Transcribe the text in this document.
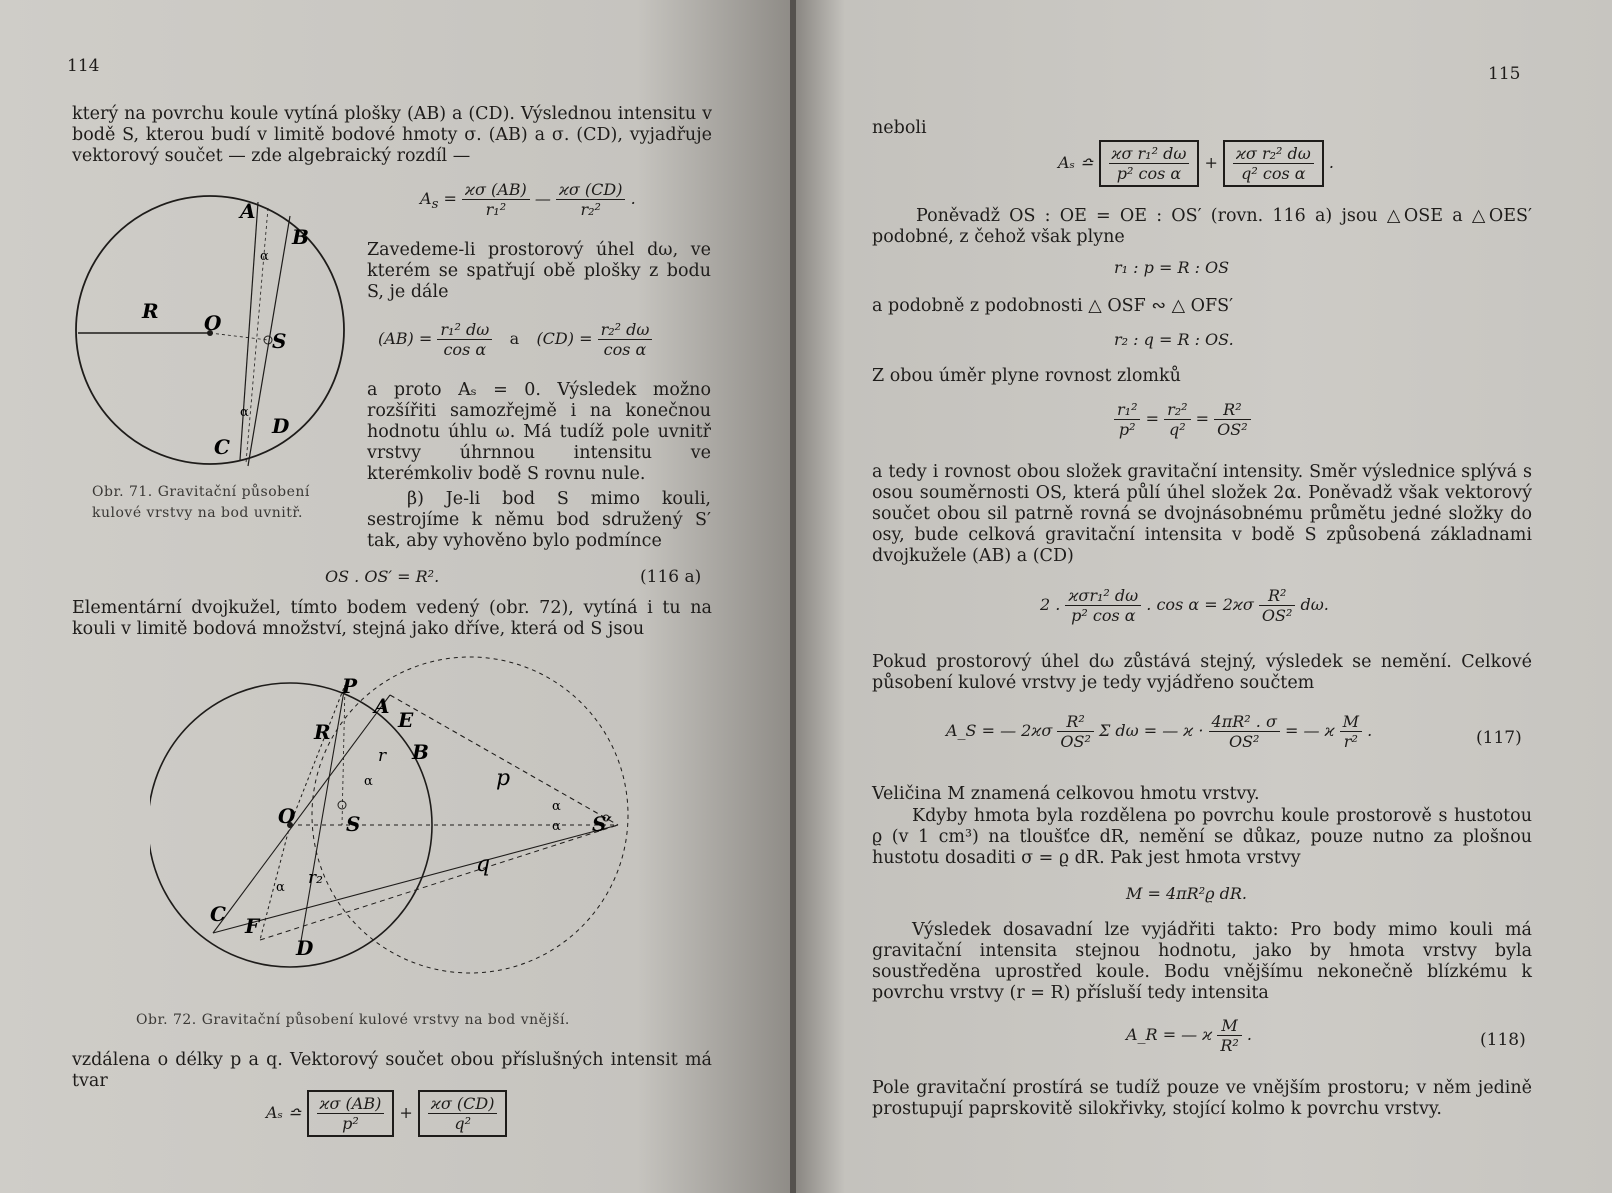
114

který na povrchu koule vytíná plošky (AB) a (CD). Výslednou intensitu v bodě S, kterou budí v limitě bodové hmoty σ. (AB) a σ. (CD), vyjadřuje vektorový součet — zde algebraický rozdíl —

$A_s = \frac{ϰ\sigma (AB)}{\text{r₁²}}$ — $\frac{ϰ\sigma (CD)}{\text{r₂²}}$ .
A
B
R O
S
C
D
α
α
Obr. 71. Gravitační působení
kulové vrstvy na bod uvnitř.

Zavedeme-li prostorový úhel dω, ve kterém se spatřují obě plošky z bodu S, je dále

$(AB) = \frac{\text{r₁² dω}}{\text{cos α}}$ a $(CD) = \frac{\text{r₂² dω}}{\text{cos α}}$

a proto Aₛ = 0. Výsledek možno rozšířiti samozřejmě i na konečnou hodnotu úhlu ω. Má tudíž pole uvnitř vrstvy úhrnnou intensitu ve kterémkoliv bodě S rovnu nule.

β) Je-li bod S mimo kouli, sestrojíme k němu bod sdružený S′ tak, aby vyhověno bylo podmínce

OS . OS′ = R².	(116 a)

Elementární dvojkužel, tímto bodem vedený (obr. 72), vytíná i tu na kouli v limitě bodová množství, stejná jako dříve, která od S jsou

P
A
E
R
B
r
r₂
O	S	S′
p
q
C F
D
α
α
α
α
Obr. 72. Gravitační působení kulové vrstvy na bod vnější.

vzdálena o délky p a q. Vektorový součet obou příslušných intensit má tvar

Aₛ ≏ $\frac{ϰ\sigma (AB)}{\text{p²}} + \frac{ϰ\sigma (CD)}{\text{q²}}$
115

neboli

Aₛ ≏ $\frac{\text{ϰσ r₁² dω}}{\text{p² cos α}} + \frac{\text{ϰσ r₂² dω}}{\text{q² cos α}}$ .

Poněvadž OS : OE = OE : OS′ (rovn. 116 a) jsou △OSE a △OES′ podobné, z čehož však plyne

r₁ : p = R : OS

a podobně z podobnosti △ OSF ∾ △ OFS′

r₂ : q = R : OS.

Z obou úměr plyne rovnost zlomků

$\frac{\text{r₁²}}{\text{p²}} = \frac{\text{r₂²}}{\text{q²}} = \frac{\text{R²}}{\text{OS²}}$

a tedy i rovnost obou složek gravitační intensity. Směr výslednice splývá s osou souměrnosti OS, která půlí úhel složek 2α. Poněvadž však vektorový součet obou sil patrně rovná se dvojnásobnému průmětu jedné složky do osy, bude celková gravitační intensita v bodě S způsobená základnami dvojkužele (AB) a (CD)

2 . $\frac{\text{ϰσr₁² dω}}{\text{p² cos α}}$ . $\cos \alpha = 2ϰ\sigma \frac{\text{R²}}{\text{OS²}} d\omega$.

Pokud prostorový úhel dω zůstává stejný, výsledek se nemění. Celkové působení kulové vrstvy je tedy vyjádřeno součtem

A_S = — $2ϰ\sigma \frac{\text{R²}}{\text{OS²}}$ Σ dω = — $ϰ \cdot \frac{\text{4πR² . σ}}{\text{OS²}}$ = — ϰ $\frac{M}{\text{r²}}$ .	(117)

Veličina M znamená celkovou hmotu vrstvy.

Kdyby hmota byla rozdělena po povrchu koule prostorově s hustotou ϱ (v 1 cm³) na tloušťce dR, nemění se důkaz, pouze nutno za plošnou hustotu dosaditi σ = ϱ dR. Pak jest hmota vrstvy

M = 4πR²ϱ dR.

Výsledek dosavadní lze vyjádřiti takto: Pro body mimo kouli má gravitační intensita stejnou hodnotu, jako by hmota vrstvy byla soustředěna uprostřed koule. Bodu vnějšímu nekonečně blízkému k povrchu vrstvy (r = R) přísluší tedy intensita

A_R = — ϰ $\frac{M}{\text{R²}}$ .	(118)

Pole gravitační prostírá se tudíž pouze ve vnějším prostoru; v něm jedině prostupují paprskovitě silokřivky, stojící kolmo k povrchu vrstvy.
